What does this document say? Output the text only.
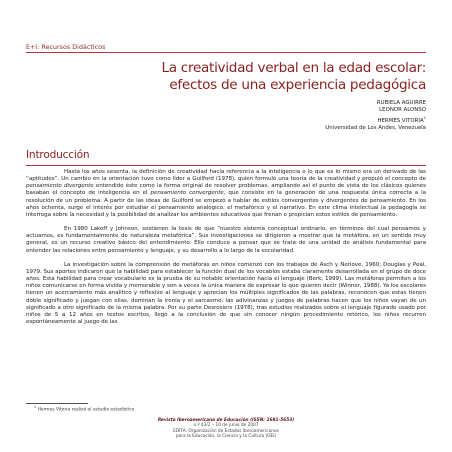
E+I: Recursos Didácticos
La creatividad verbal en la edad escolar:
efectos de una experiencia pedagógica
RUBIELA AGUIRRE
LEONOR ALONSO
HERMES VITORIA$^1$
Universidad de Los Andes, Venezuela
Introducción

Hasta los años sesenta, la definición de creatividad hacía referencia a la inteligencia o lo que es lo mismo era un derivado de las “aptitudes”. Un cambio en la orientación tuvo como líder a Guilford (1978), quien formuló una teoría de la creatividad y propuló el concepto de pensamiento divergente entendido éste como la forma original de resolver problemas, ampliando así el punto de vista de los clásicos quienes basaban el concepto de inteligencia en el pensamiento convergente, que consiste en la generación de una respuesta única correcta a la resolución de un problema. A partir de las ideas de Guilford se empezó a hablar de estilos convergentes y divergentes de pensamiento. En los años ochenta, surge el interés por estudiar el pensamiento analógico, el metafórico y el narrativo. En este clima intelectual la pedagogía se interroga sobre la necesidad y la posibilidad de analizar los ambientes educativos que frenan o propician estos estilos de pensamiento.

En 1980 Lakoff y Johnson, sostienen la tesis de que “nuestro sistema conceptual ordinario, en términos del cual pensamos y actuamos, es fundamentalmente de naturaleza metafórica”. Sus investigaciones se dirigieron a mostrar que la metáfora, en un sentido muy general, es un recurso creativo básico del entendimiento. Ello conduce a pensar que se trata de una unidad de análisis fundamental para entender las relaciones entre pensamiento y lenguaje, y su desarrollo a lo largo de la escolaridad.

La investigación sobre la comprensión de metáforas en niños comenzó con los trabajos de Asch y Nerlove, 1960; Douglas y Peal, 1979. Sus aportes indicaron que la habilidad para establecer la función dual de los vocablos estaba claramente desarrollada en el grupo de doce años. Esta habilidad para crear vocabulario es la prueba de su notable orientación hacia el lenguaje (Berk, 1999). Las metáforas permiten a los niños comunicarse en forma vívida y memorable y son a veces la única manera de expresar lo que quieren decir (Winner, 1988). Ya los escolares tienen un acercamiento más analítico y reflexivo al lenguaje y aprecian los múltiples significados de las palabras, reconocen que estas tienen doble significado y juegan con ellas, dominan la ironía y el sarcasmo, las adivinanzas y juegos de palabras hacen que los niños vayan de un significado a otro significado de la misma palabra. Por su parte Desrosiers (1978), tras estudios realizados sobre el lenguaje figurado usado por niños de 5 a 12 años en textos escritos, llegó a la conclusión de que sin conocer ningún procedimiento retórico, los niños recurren espontáneamente al juego de las

$^1$ Hermes Vitoria realizó el estudio estadístico
Revista Iberoamericana de Educación (ISSN: 1681-5653)
n.º 43/2 – 10 de junio de 2007
EDITA: Organización de Estados Iberoamericanos
para la Educación, la Ciencia y la Cultura (OEI)
